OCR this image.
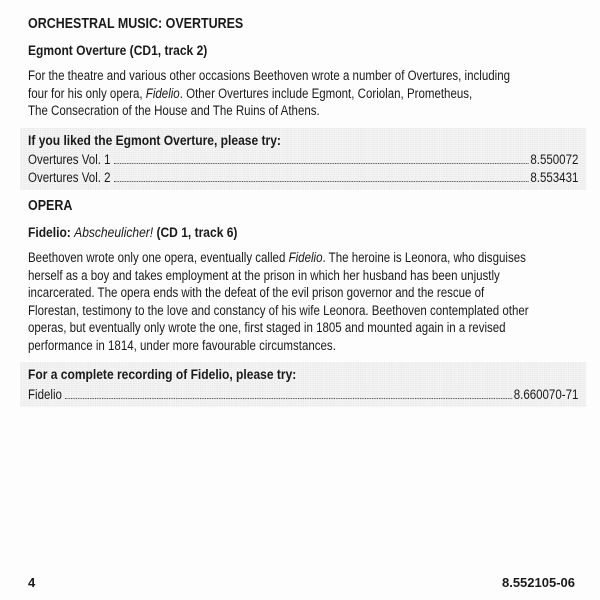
ORCHESTRAL MUSIC: OVERTURES
Egmont Overture (CD1, track 2)
For the theatre and various other occasions Beethoven wrote a number of Overtures, including
four for his only opera, Fidelio. Other Overtures include Egmont, Coriolan, Prometheus,
The Consecration of the House and The Ruins of Athens.
If you liked the Egmont Overture, please try:
Overtures Vol. 1	8.550072
Overtures Vol. 2	8.553431
OPERA
Fidelio: Abscheulicher! (CD 1, track 6)
Beethoven wrote only one opera, eventually called Fidelio. The heroine is Leonora, who disguises
herself as a boy and takes employment at the prison in which her husband has been unjustly
incarcerated. The opera ends with the defeat of the evil prison governor and the rescue of
Florestan, testimony to the love and constancy of his wife Leonora. Beethoven contemplated other
operas, but eventually only wrote the one, first staged in 1805 and mounted again in a revised
performance in 1814, under more favourable circumstances.
For a complete recording of Fidelio, please try:
Fidelio	8.660070-71
4	8.552105-06
